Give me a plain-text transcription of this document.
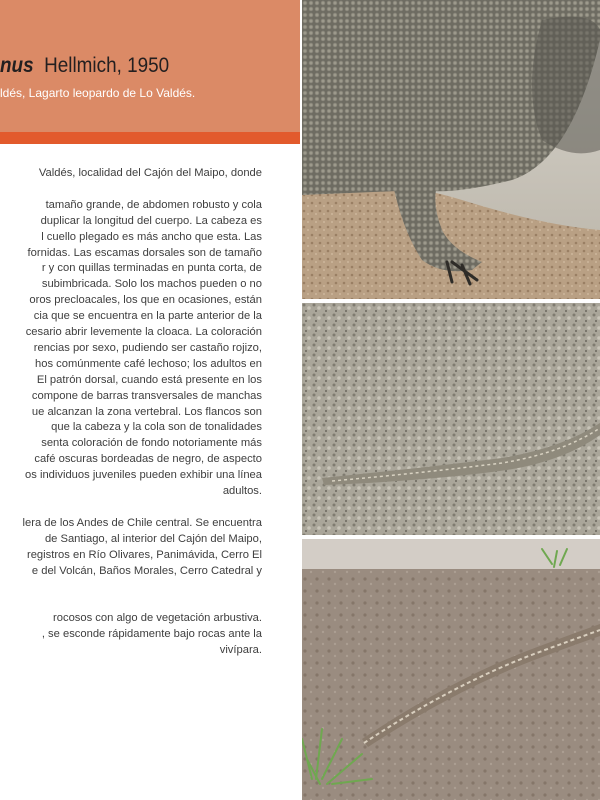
nus Hellmich, 1950
ldés, Lagarto leopardo de Lo Valdés.
Valdés, localidad del Cajón del Maipo, donde
tamaño grande, de abdomen robusto y cola
duplicar la longitud del cuerpo. La cabeza es
l cuello plegado es más ancho que esta. Las
fornidas. Las escamas dorsales son de tamaño
r y con quillas terminadas en punta corta, de
subimbricada. Solo los machos pueden o no
oros precloacales, los que en ocasiones, están
cia que se encuentra en la parte anterior de la
cesario abrir levemente la cloaca. La coloración
rencias por sexo, pudiendo ser castaño rojizo,
hos comúnmente café lechoso; los adultos en
El patrón dorsal, cuando está presente en los
compone de barras transversales de manchas
ue alcanzan la zona vertebral. Los flancos son
que la cabeza y la cola son de tonalidades
senta coloración de fondo notoriamente más
café oscuras bordeadas de negro, de aspecto
os individuos juveniles pueden exhibir una línea
adultos.
lera de los Andes de Chile central. Se encuentra
de Santiago, al interior del Cajón del Maipo,
registros en Río Olivares, Panimávida, Cerro El
e del Volcán, Baños Morales, Cerro Catedral y
rocosos con algo de vegetación arbustiva.
, se esconde rápidamente bajo rocas ante la
vivípara.
